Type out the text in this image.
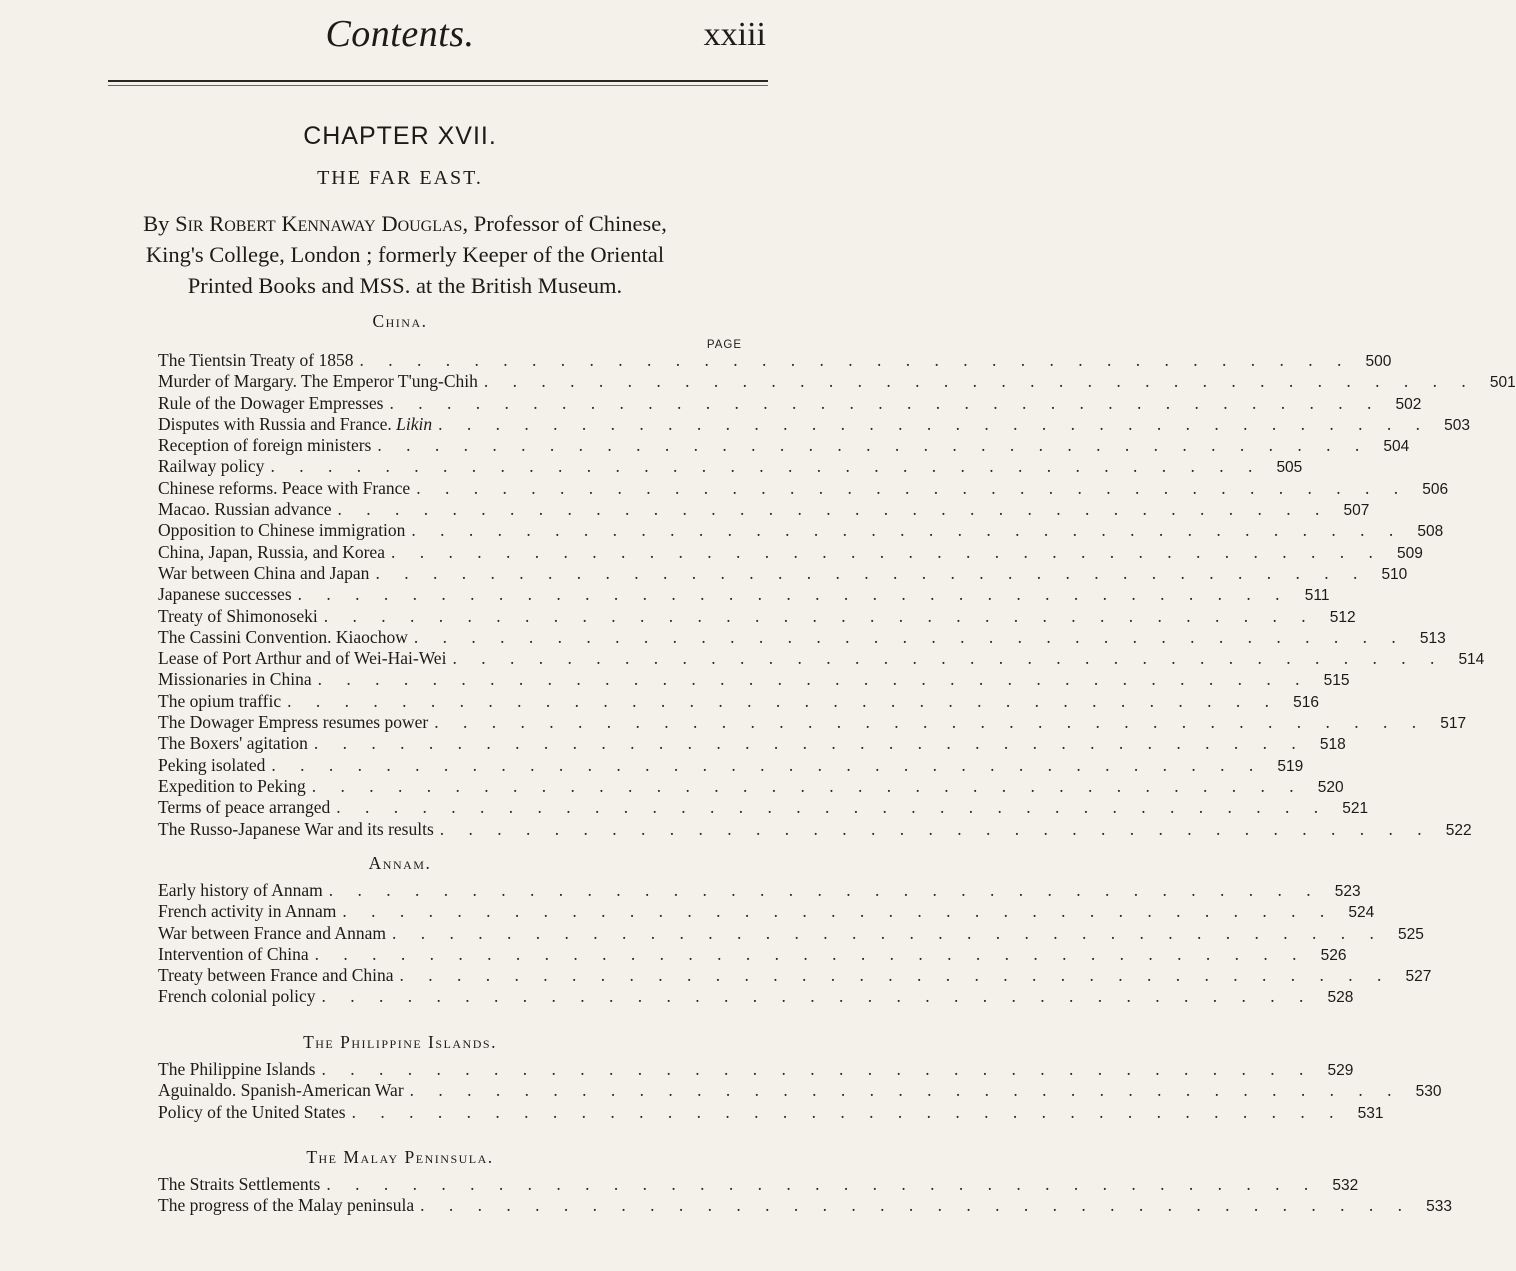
Contents.	xxiii
CHAPTER XVII.
THE FAR EAST.
By Sir Robert Kennaway Douglas, Professor of Chinese,
King's College, London ; formerly Keeper of the Oriental
Printed Books and MSS. at the British Museum.
China.
PAGE
The Tientsin Treaty of 1858 . . . . . . . . . . . . . . . . . . . . . . . . . . . . . . . . . . . 500
Murder of Margary. The Emperor T'ung-Chih . . . . . . . . . . . . . . . . . . . . . . . . . . . . . . . . . . . 501
Rule of the Dowager Empresses . . . . . . . . . . . . . . . . . . . . . . . . . . . . . . . . . . . 502
Disputes with Russia and France. Likin . . . . . . . . . . . . . . . . . . . . . . . . . . . . . . . . . . . 503
Reception of foreign ministers . . . . . . . . . . . . . . . . . . . . . . . . . . . . . . . . . . . 504
Railway policy . . . . . . . . . . . . . . . . . . . . . . . . . . . . . . . . . . . 505
Chinese reforms. Peace with France . . . . . . . . . . . . . . . . . . . . . . . . . . . . . . . . . . . 506
Macao. Russian advance . . . . . . . . . . . . . . . . . . . . . . . . . . . . . . . . . . . 507
Opposition to Chinese immigration . . . . . . . . . . . . . . . . . . . . . . . . . . . . . . . . . . . 508
China, Japan, Russia, and Korea . . . . . . . . . . . . . . . . . . . . . . . . . . . . . . . . . . . 509
War between China and Japan . . . . . . . . . . . . . . . . . . . . . . . . . . . . . . . . . . . 510
Japanese successes . . . . . . . . . . . . . . . . . . . . . . . . . . . . . . . . . . . 511
Treaty of Shimonoseki . . . . . . . . . . . . . . . . . . . . . . . . . . . . . . . . . . . 512
The Cassini Convention. Kiaochow . . . . . . . . . . . . . . . . . . . . . . . . . . . . . . . . . . . 513
Lease of Port Arthur and of Wei-Hai-Wei . . . . . . . . . . . . . . . . . . . . . . . . . . . . . . . . . . . 514
Missionaries in China . . . . . . . . . . . . . . . . . . . . . . . . . . . . . . . . . . . 515
The opium traffic . . . . . . . . . . . . . . . . . . . . . . . . . . . . . . . . . . . 516
The Dowager Empress resumes power . . . . . . . . . . . . . . . . . . . . . . . . . . . . . . . . . . . 517
The Boxers' agitation . . . . . . . . . . . . . . . . . . . . . . . . . . . . . . . . . . . 518
Peking isolated . . . . . . . . . . . . . . . . . . . . . . . . . . . . . . . . . . . 519
Expedition to Peking . . . . . . . . . . . . . . . . . . . . . . . . . . . . . . . . . . . 520
Terms of peace arranged . . . . . . . . . . . . . . . . . . . . . . . . . . . . . . . . . . . 521
The Russo-Japanese War and its results . . . . . . . . . . . . . . . . . . . . . . . . . . . . . . . . . . . 522
Annam.
Early history of Annam . . . . . . . . . . . . . . . . . . . . . . . . . . . . . . . . . . . 523
French activity in Annam . . . . . . . . . . . . . . . . . . . . . . . . . . . . . . . . . . . 524
War between France and Annam . . . . . . . . . . . . . . . . . . . . . . . . . . . . . . . . . . . 525
Intervention of China . . . . . . . . . . . . . . . . . . . . . . . . . . . . . . . . . . . 526
Treaty between France and China . . . . . . . . . . . . . . . . . . . . . . . . . . . . . . . . . . . 527
French colonial policy . . . . . . . . . . . . . . . . . . . . . . . . . . . . . . . . . . . 528
The Philippine Islands.
The Philippine Islands . . . . . . . . . . . . . . . . . . . . . . . . . . . . . . . . . . . 529
Aguinaldo. Spanish-American War . . . . . . . . . . . . . . . . . . . . . . . . . . . . . . . . . . . 530
Policy of the United States . . . . . . . . . . . . . . . . . . . . . . . . . . . . . . . . . . . 531
The Malay Peninsula.
The Straits Settlements . . . . . . . . . . . . . . . . . . . . . . . . . . . . . . . . . . . 532
The progress of the Malay peninsula . . . . . . . . . . . . . . . . . . . . . . . . . . . . . . . . . . . 533
